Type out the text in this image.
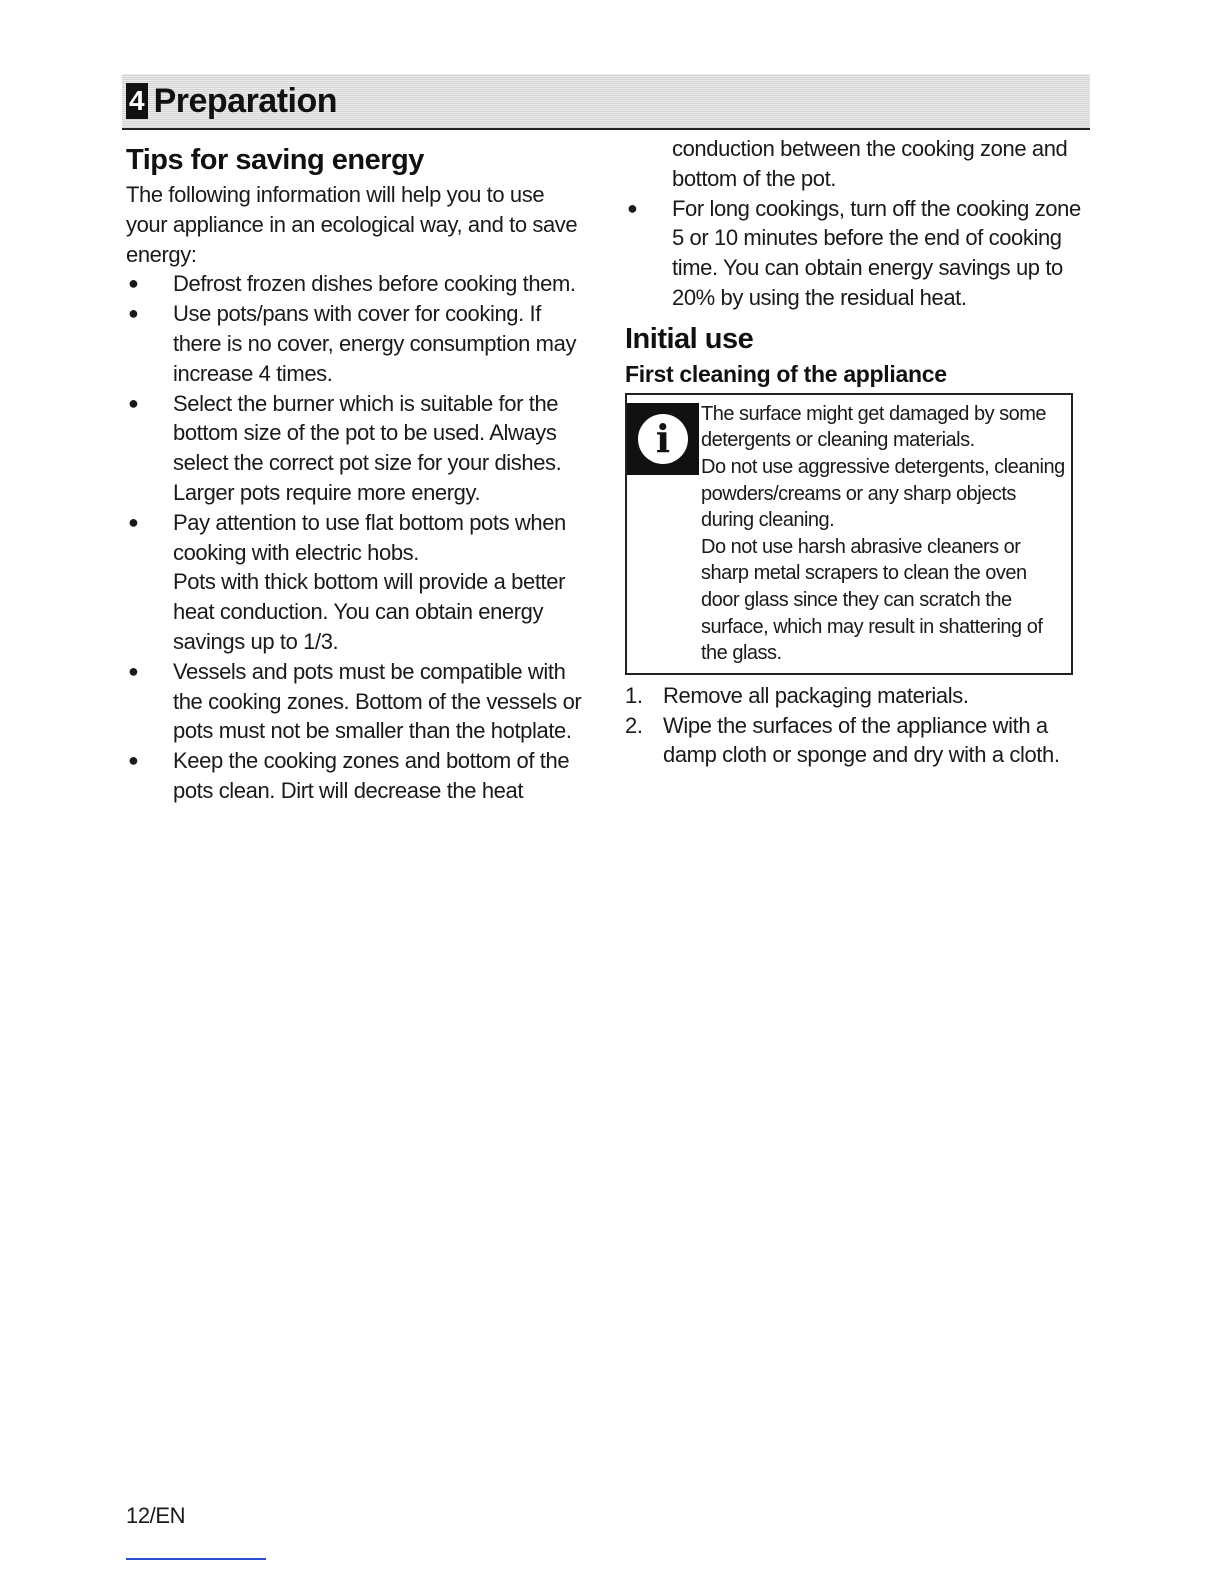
4 Preparation
Tips for saving energy

The following information will help you to use your appliance in an ecological way, and to save energy:

● Defrost frozen dishes before cooking them.
● Use pots/pans with cover for cooking. If there is no cover, energy consumption may increase 4 times.
● Select the burner which is suitable for the bottom size of the pot to be used. Always select the correct pot size for your dishes. Larger pots require more energy.
● Pay attention to use flat bottom pots when cooking with electric hobs.
Pots with thick bottom will provide a better heat conduction. You can obtain energy savings up to 1/3.
● Vessels and pots must be compatible with the cooking zones. Bottom of the vessels or pots must not be smaller than the hotplate.
● Keep the cooking zones and bottom of the pots clean. Dirt will decrease the heat

conduction between the cooking zone and bottom of the pot.

● For long cookings, turn off the cooking zone 5 or 10 minutes before the end of cooking time. You can obtain energy savings up to 20% by using the residual heat.
Initial use
First cleaning of the appliance
i

The surface might get damaged by some detergents or cleaning materials.

Do not use aggressive detergents, cleaning powders/creams or any sharp objects during cleaning.

Do not use harsh abrasive cleaners or sharp metal scrapers to clean the oven door glass since they can scratch the surface, which may result in shattering of the glass.

1. Remove all packaging materials.
2. Wipe the surfaces of the appliance with a damp cloth or sponge and dry with a cloth.
12/EN
